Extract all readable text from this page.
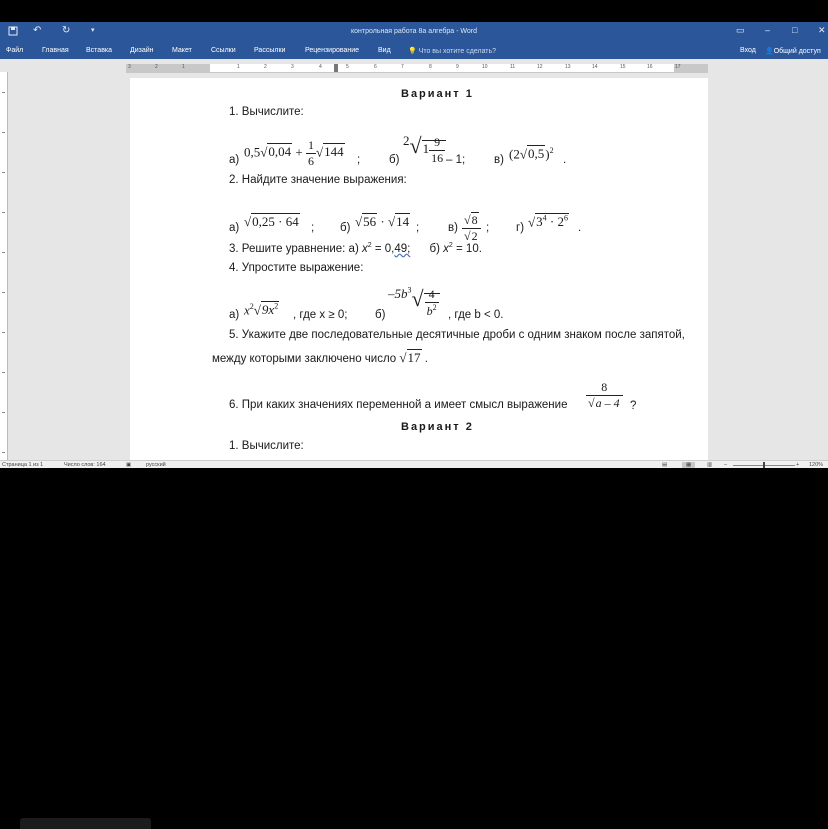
↶ ↻	▾	контрольная работа 8а алгебра - Word	▭ – □ ✕
Файл	Главная Вставка	Дизайн	Макет	Ссылки	Рассылки	Рецензирование	Вид 💡 Что вы хотите сделать?	Вход 👤Общий доступ
3	2	1	1	2	3	4	5	6	7	8	9	10	11	12	13	14	15	16	17
Вариант 1
1. Вычислите:
а)
$0,5√0,04 + \frac{1}{6} √144$
;	б)
$2√1 \frac{9}{16} - 1$;	в) $(2√0,5)^2$
.
2. Найдите значение выражения:
а) √0,25 · 64 ; б) √56 · √14 ;	$в) \frac{√8}{√2}$ ; г) $√3^4 \cdot 2^6$
.
3. Решите уравнение: а) $x^2 = 0,49$; б) $x^2 = 10$.
4. Упростите выражение:
а) $x^2√9x^2$
, где x ≥ 0; б)
$-5b^3√ \frac{4}{b^2}$ , где b < 0.
5. Укажите две последовательные десятичные дроби с одним знаком после запятой,
между которыми заключено число √17 .
6. При каких значениях переменной a имеет смысл выражение $\frac{8}{√a - 4}$ ?
Вариант 2
1. Вычислите:
Страница 1 из 1	Число слов: 164	▣	русский	▤	▦	▥ –	+ 120%
